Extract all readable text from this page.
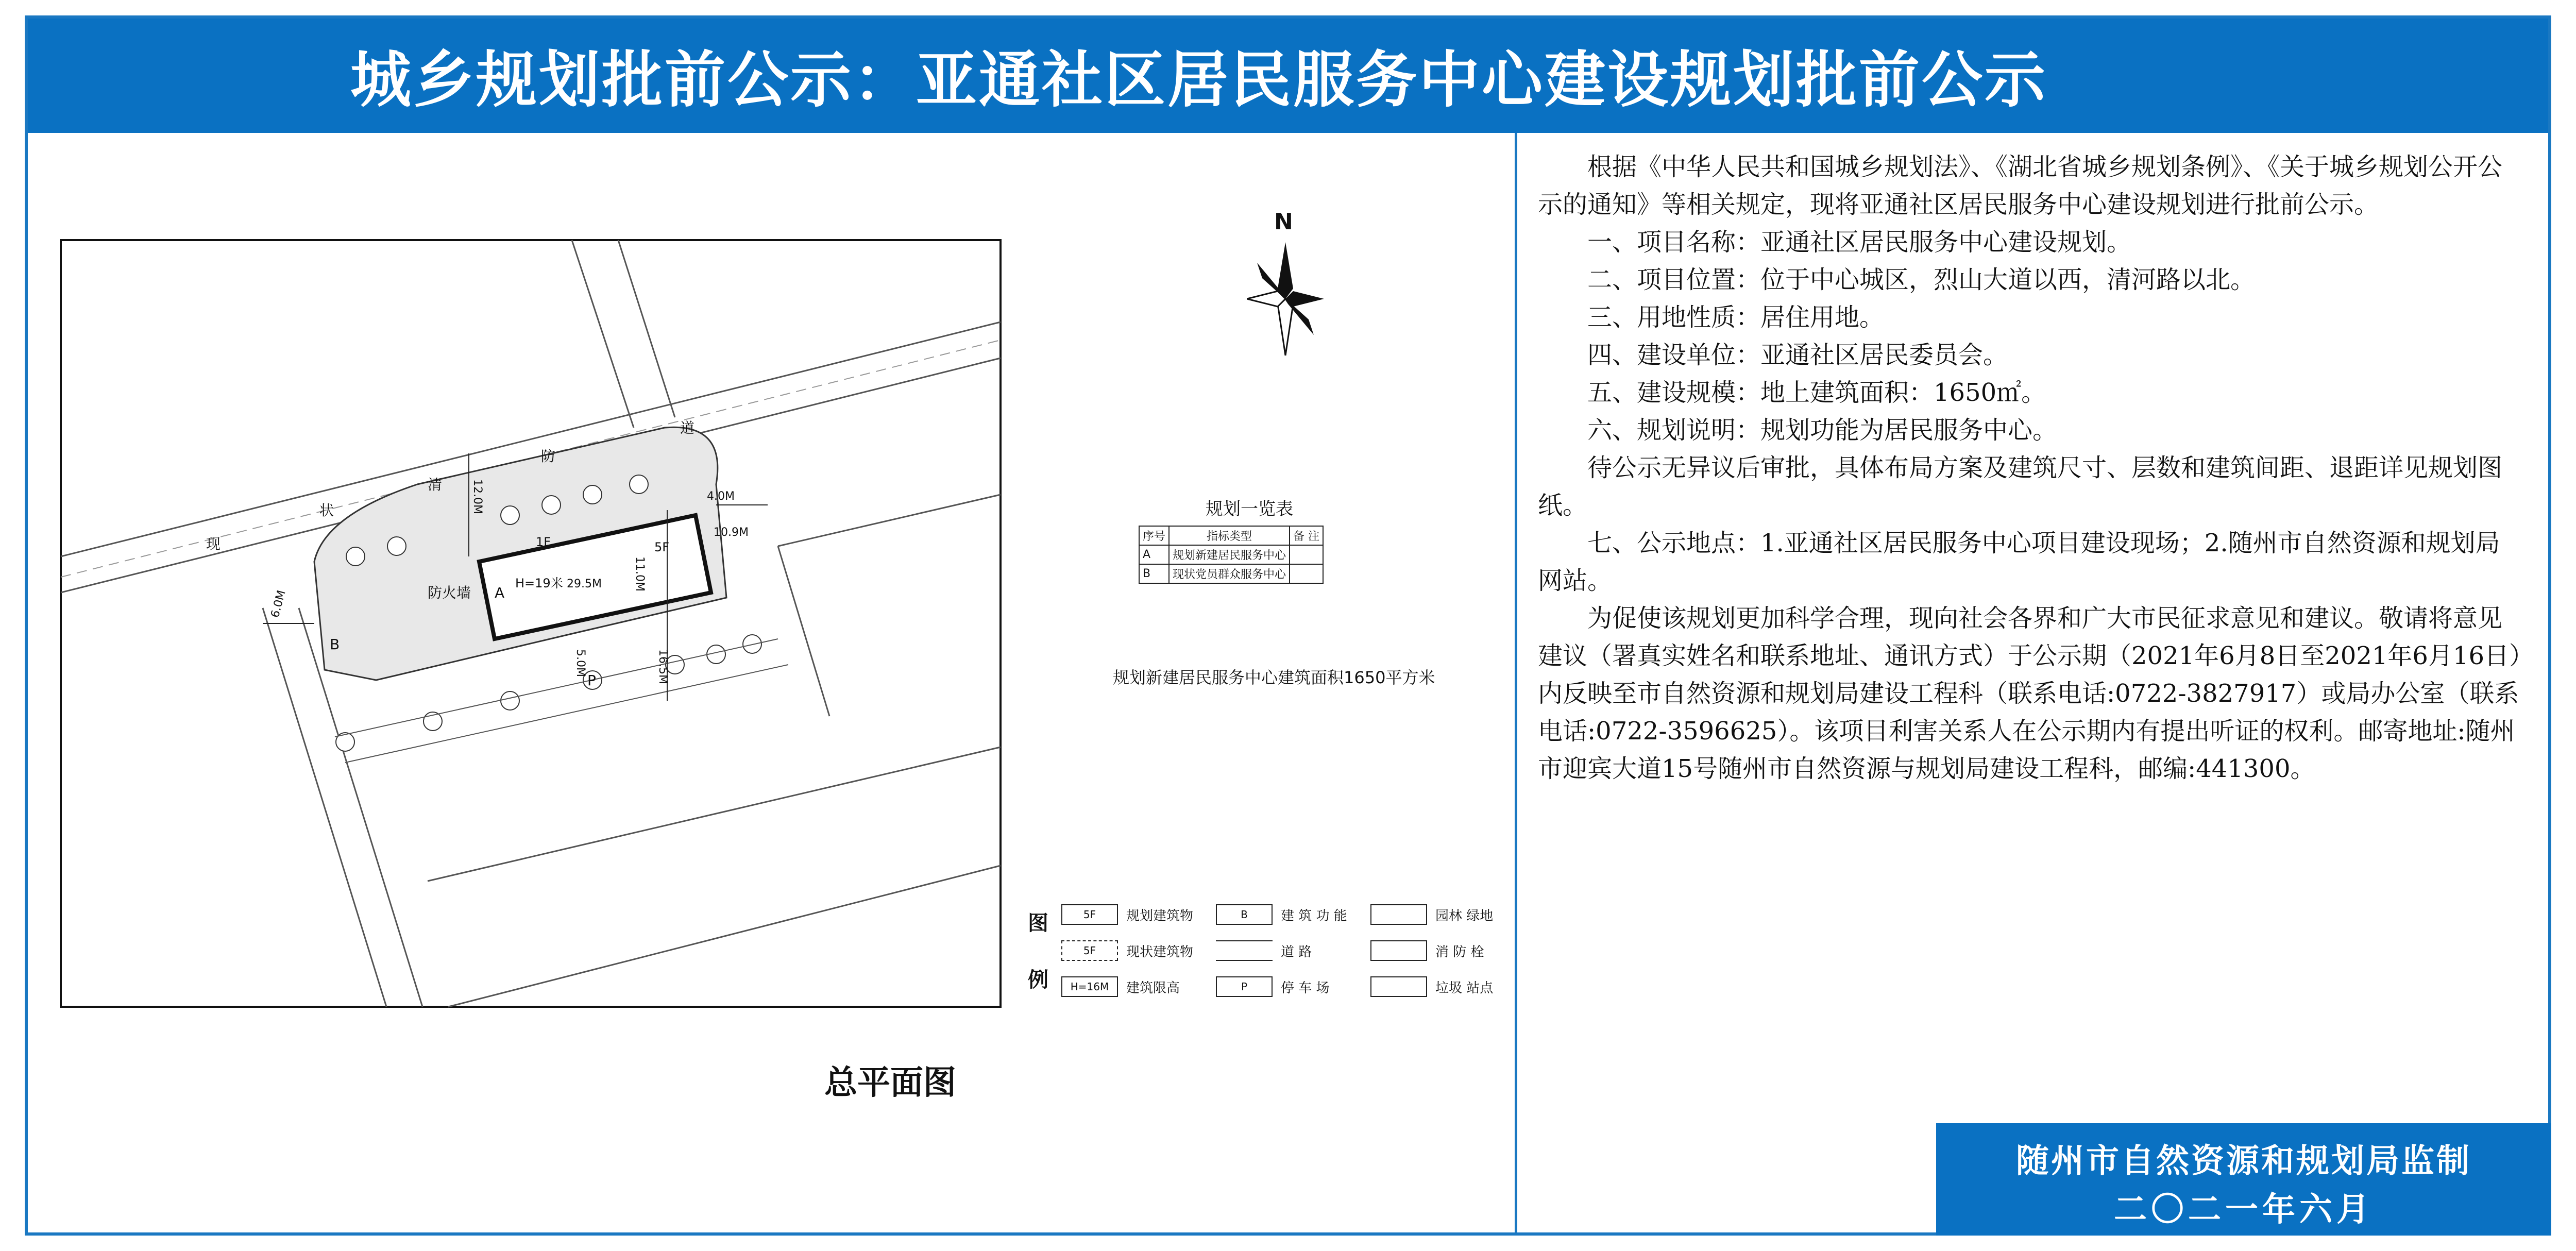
城乡规划批前公示：亚通社区居民服务中心建设规划批前公示
现
状
清
防
道
防火墙
H=19米
A
B
1F	5F
P
12.0M	4.0M
10.9M
29.5M	11.0M
6.0M
5.0M	16.5M
N
规划一览表
序号	指标类型	备 注
A	规划新建居民服务中心	
B	现状党员群众服务中心	
规划新建居民服务中心建筑面积1650平方米
图
例
5F	规划建筑物
5F	现状建筑物
H=16M	建筑限高
B	建 筑 功 能
道 路
P	停 车 场
园林 绿地
消 防 栓
垃圾 站点
总平面图

根据《中华人民共和国城乡规划法》、《湖北省城乡规划条例》、《关于城乡规划公开公示的通知》等相关规定，现将亚通社区居民服务中心建设规划进行批前公示。

一、项目名称：亚通社区居民服务中心建设规划。

二、项目位置：位于中心城区，烈山大道以西，清河路以北。

三、用地性质：居住用地。

四、建设单位：亚通社区居民委员会。

五、建设规模：地上建筑面积：1650㎡。

六、规划说明：规划功能为居民服务中心。

待公示无异议后审批，具体布局方案及建筑尺寸、层数和建筑间距、退距详见规划图纸。

七、公示地点：1.亚通社区居民服务中心项目建设现场；2.随州市自然资源和规划局网站。

为促使该规划更加科学合理，现向社会各界和广大市民征求意见和建议。敬请将意见建议（署真实姓名和联系地址、通讯方式）于公示期（2021年6月8日至2021年6月16日）内反映至市自然资源和规划局建设工程科（联系电话:0722-3827917）或局办公室（联系电话:0722-3596625）。该项目利害关系人在公示期内有提出听证的权利。邮寄地址:随州市迎宾大道15号随州市自然资源与规划局建设工程科，邮编:441300。

随州市自然资源和规划局监制
二〇二一年六月
